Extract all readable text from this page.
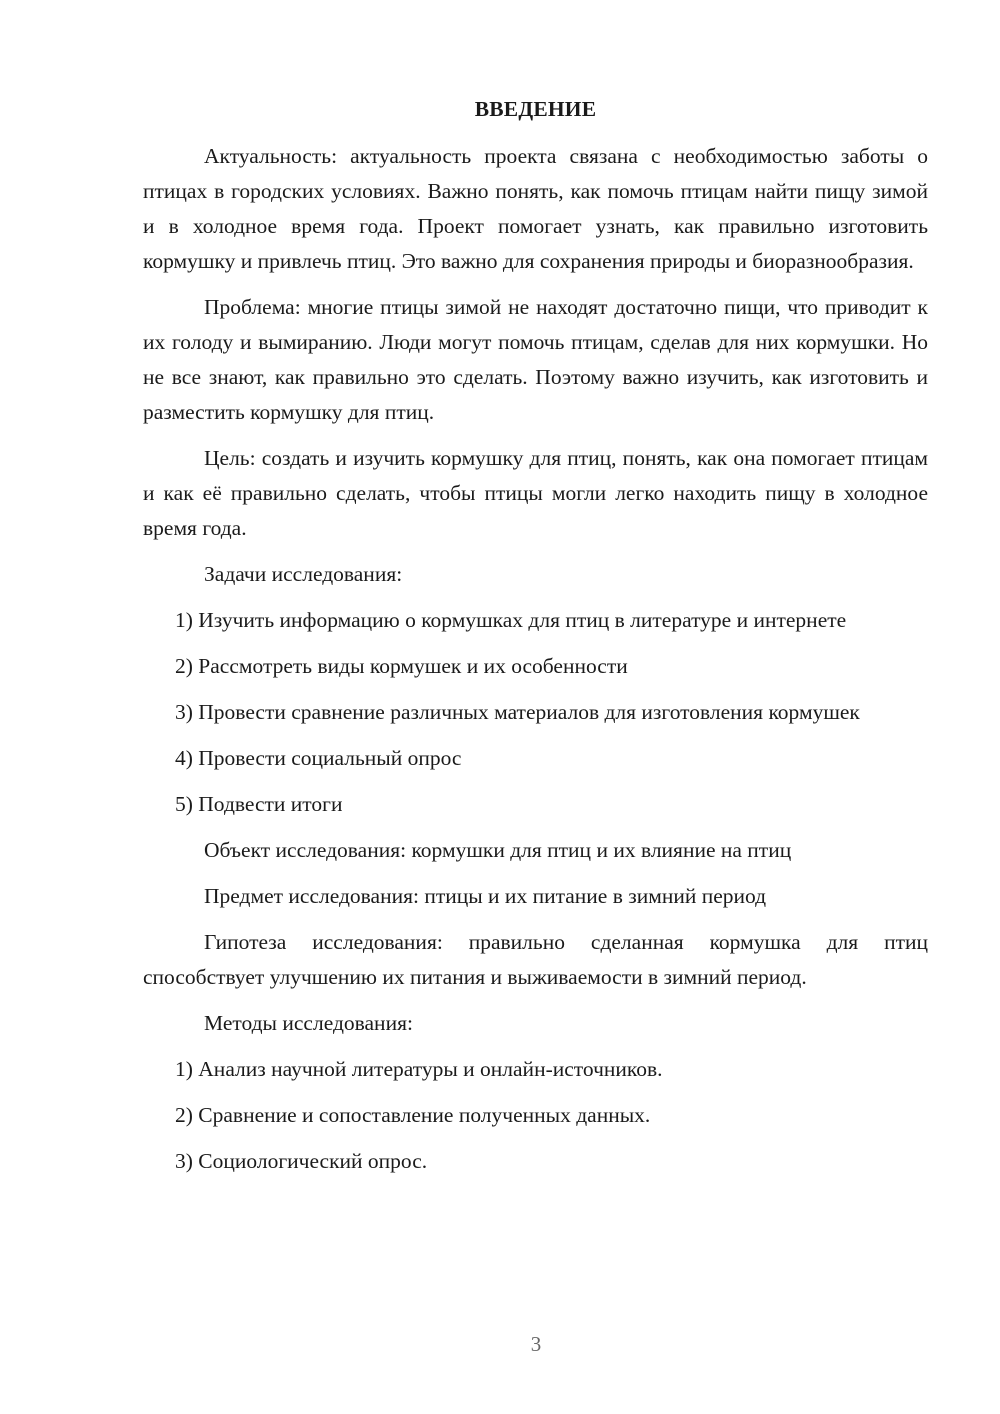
ВВЕДЕНИЕ

Актуальность: актуальность проекта связана с необходимостью заботы о птицах в городских условиях. Важно понять, как помочь птицам найти пищу зимой и в холодное время года. Проект помогает узнать, как правильно изготовить кормушку и привлечь птиц. Это важно для сохранения природы и биоразнообразия.

Проблема: многие птицы зимой не находят достаточно пищи, что приводит к их голоду и вымиранию. Люди могут помочь птицам, сделав для них кормушки. Но не все знают, как правильно это сделать. Поэтому важно изучить, как изготовить и разместить кормушку для птиц.

Цель: создать и изучить кормушку для птиц, понять, как она помогает птицам и как её правильно сделать, чтобы птицы могли легко находить пищу в холодное время года.

Задачи исследования:

1) Изучить информацию о кормушках для птиц в литературе и интернете

2) Рассмотреть виды кормушек и их особенности

3) Провести сравнение различных материалов для изготовления кормушек

4) Провести социальный опрос

5) Подвести итоги

Объект исследования: кормушки для птиц и их влияние на птиц

Предмет исследования: птицы и их питание в зимний период

Гипотеза исследования: правильно сделанная кормушка для птиц способствует улучшению их питания и выживаемости в зимний период.

Методы исследования:

1) Анализ научной литературы и онлайн-источников.

2) Сравнение и сопоставление полученных данных.

3) Социологический опрос.

3
